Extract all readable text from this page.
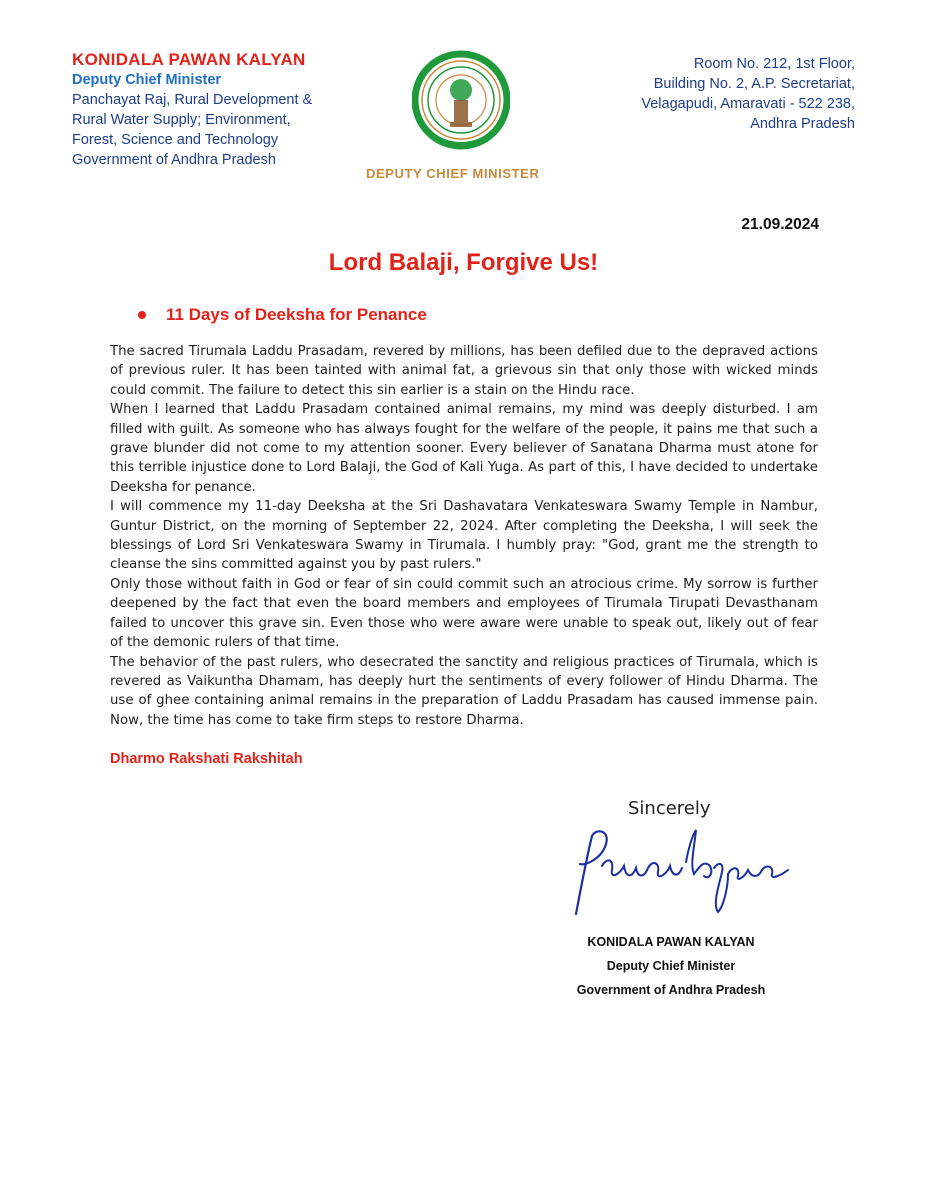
KONIDALA PAWAN KALYAN
Deputy Chief Minister
Panchayat Raj, Rural Development &
Rural Water Supply; Environment,
Forest, Science and Technology
Government of Andhra Pradesh
DEPUTY CHIEF MINISTER
Room No. 212, 1st Floor,
Building No. 2, A.P. Secretariat,
Velagapudi, Amaravati - 522 238,
Andhra Pradesh
21.09.2024
Lord Balaji, Forgive Us!
11 Days of Deeksha for Penance

The sacred Tirumala Laddu Prasadam, revered by millions, has been defiled due to the depraved actions of previous ruler. It has been tainted with animal fat, a grievous sin that only those with wicked minds could commit. The failure to detect this sin earlier is a stain on the Hindu race.

When I learned that Laddu Prasadam contained animal remains, my mind was deeply disturbed. I am filled with guilt. As someone who has always fought for the welfare of the people, it pains me that such a grave blunder did not come to my attention sooner. Every believer of Sanatana Dharma must atone for this terrible injustice done to Lord Balaji, the God of Kali Yuga. As part of this, I have decided to undertake Deeksha for penance.

I will commence my 11-day Deeksha at the Sri Dashavatara Venkateswara Swamy Temple in Nambur, Guntur District, on the morning of September 22, 2024. After completing the Deeksha, I will seek the blessings of Lord Sri Venkateswara Swamy in Tirumala. I humbly pray: "God, grant me the strength to cleanse the sins committed against you by past rulers."

Only those without faith in God or fear of sin could commit such an atrocious crime. My sorrow is further deepened by the fact that even the board members and employees of Tirumala Tirupati Devasthanam failed to uncover this grave sin. Even those who were aware were unable to speak out, likely out of fear of the demonic rulers of that time.

The behavior of the past rulers, who desecrated the sanctity and religious practices of Tirumala, which is revered as Vaikuntha Dhamam, has deeply hurt the sentiments of every follower of Hindu Dharma. The use of ghee containing animal remains in the preparation of Laddu Prasadam has caused immense pain. Now, the time has come to take firm steps to restore Dharma.

Dharmo Rakshati Rakshitah
Sincerely
KONIDALA PAWAN KALYAN
Deputy Chief Minister
Government of Andhra Pradesh
